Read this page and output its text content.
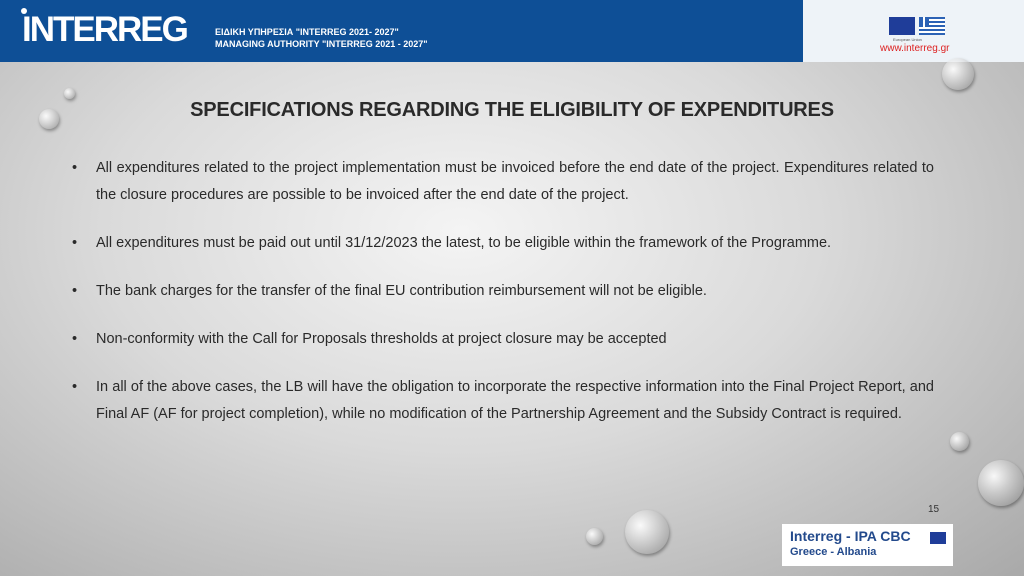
INTERREG	ΕΙΔΙΚΗ ΥΠΗΡΕΣΙΑ "INTERREG 2021- 2027"
MANAGING AUTHORITY "INTERREG 2021 - 2027"	European Union
www.interreg.gr
SPECIFICATIONS REGARDING THE ELIGIBILITY OF EXPENDITURES
• All expenditures related to the project implementation must be invoiced before the end date of the project. Expenditures related to the closure procedures are possible to be invoiced after the end date of the project.
• All expenditures must be paid out until 31/12/2023 the latest, to be eligible within the framework of the Programme.
• The bank charges for the transfer of the final EU contribution reimbursement will not be eligible.
• Non-conformity with the Call for Proposals thresholds at project closure may be accepted
• In all of the above cases, the LB will have the obligation to incorporate the respective information into the Final Project Report, and Final AF (AF for project completion), while no modification of the Partnership Agreement and the Subsidy Contract is required.
15
Interreg - IPA CBC
Greece - Albania
